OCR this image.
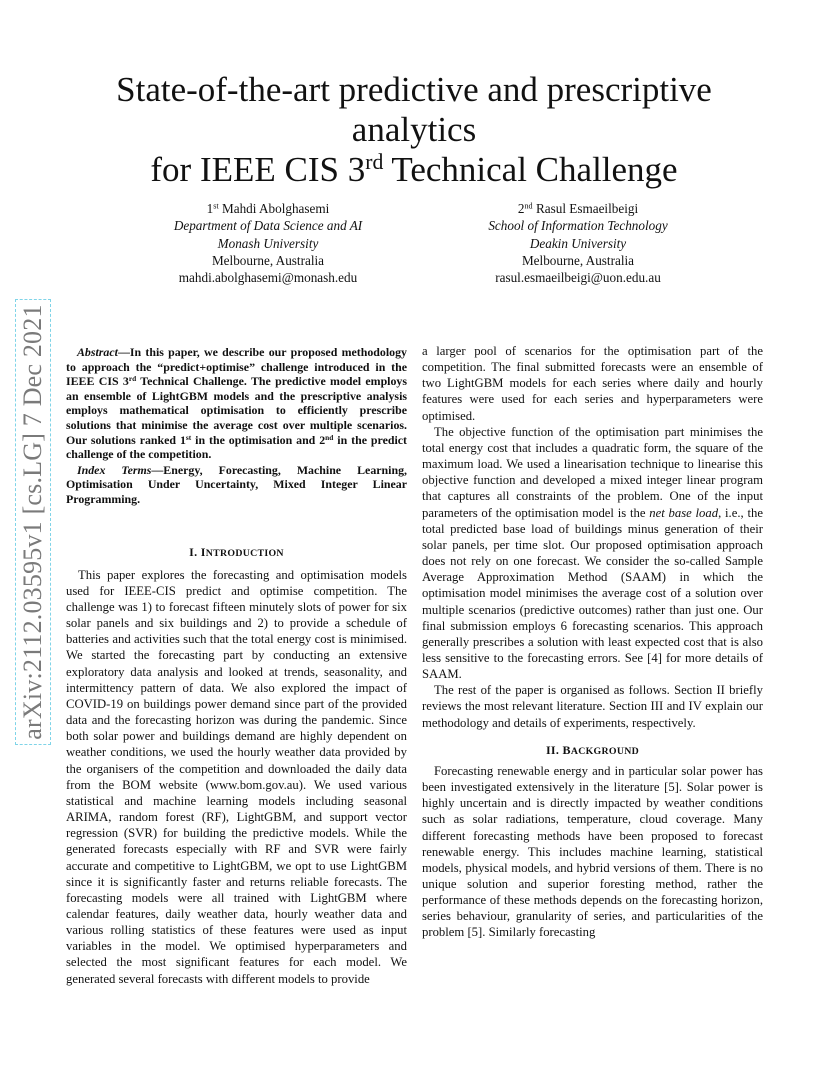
arXiv:2112.03595v1 [cs.LG] 7 Dec 2021
State-of-the-art predictive and prescriptive analytics
for IEEE CIS 3rd Technical Challenge
1st Mahdi Abolghasemi
Department of Data Science and AI
Monash University
Melbourne, Australia
mahdi.abolghasemi@monash.edu
2nd Rasul Esmaeilbeigi
School of Information Technology
Deakin University
Melbourne, Australia
rasul.esmaeilbeigi@uon.edu.au

Abstract—In this paper, we describe our proposed methodology to approach the “predict+optimise” challenge introduced in the IEEE CIS 3rd Technical Challenge. The predictive model employs an ensemble of LightGBM models and the prescriptive analysis employs mathematical optimisation to efficiently prescribe solutions that minimise the average cost over multiple scenarios. Our solutions ranked 1st in the optimisation and 2nd in the predict challenge of the competition.

Index Terms—Energy, Forecasting, Machine Learning, Optimisation Under Uncertainty, Mixed Integer Linear Programming.

I. INTRODUCTION

This paper explores the forecasting and optimisation models used for IEEE-CIS predict and optimise competition. The challenge was 1) to forecast fifteen minutely slots of power for six solar panels and six buildings and 2) to provide a schedule of batteries and activities such that the total energy cost is minimised. We started the forecasting part by conducting an extensive exploratory data analysis and looked at trends, seasonality, and intermittency pattern of data. We also explored the impact of COVID-19 on buildings power demand since part of the provided data and the forecasting horizon was during the pandemic. Since both solar power and buildings demand are highly dependent on weather conditions, we used the hourly weather data provided by the organisers of the competition and downloaded the daily data from the BOM website (www.bom.gov.au). We used various statistical and machine learning models including seasonal ARIMA, random forest (RF), LightGBM, and support vector regression (SVR) for building the predictive models. While the generated forecasts especially with RF and SVR were fairly accurate and competitive to LightGBM, we opt to use LightGBM since it is significantly faster and returns reliable forecasts. The forecasting models were all trained with LightGBM where calendar features, daily weather data, hourly weather data and various rolling statistics of these features were used as input variables in the model. We optimised hyperparameters and selected the most significant features for each model. We generated several forecasts with different models to provide

a larger pool of scenarios for the optimisation part of the competition. The final submitted forecasts were an ensemble of two LightGBM models for each series where daily and hourly features were used for each series and hyperparameters were optimised.

The objective function of the optimisation part minimises the total energy cost that includes a quadratic form, the square of the maximum load. We used a linearisation technique to linearise this objective function and developed a mixed integer linear program that captures all constraints of the problem. One of the input parameters of the optimisation model is the net base load, i.e., the total predicted base load of buildings minus generation of their solar panels, per time slot. Our proposed optimisation approach does not rely on one forecast. We consider the so-called Sample Average Approximation Method (SAAM) in which the optimisation model minimises the average cost of a solution over multiple scenarios (predictive outcomes) rather than just one. Our final submission employs 6 forecasting scenarios. This approach generally prescribes a solution with least expected cost that is also less sensitive to the forecasting errors. See [4] for more details of SAAM.

The rest of the paper is organised as follows. Section II briefly reviews the most relevant literature. Section III and IV explain our methodology and details of experiments, respectively.

II. BACKGROUND

Forecasting renewable energy and in particular solar power has been investigated extensively in the literature [5]. Solar power is highly uncertain and is directly impacted by weather conditions such as solar radiations, temperature, cloud coverage. Many different forecasting methods have been proposed to forecast renewable energy. This includes machine learning, statistical models, physical models, and hybrid versions of them. There is no unique solution and superior foresting method, rather the performance of these methods depends on the forecasting horizon, series behaviour, granularity of series, and particularities of the problem [5]. Similarly forecasting
